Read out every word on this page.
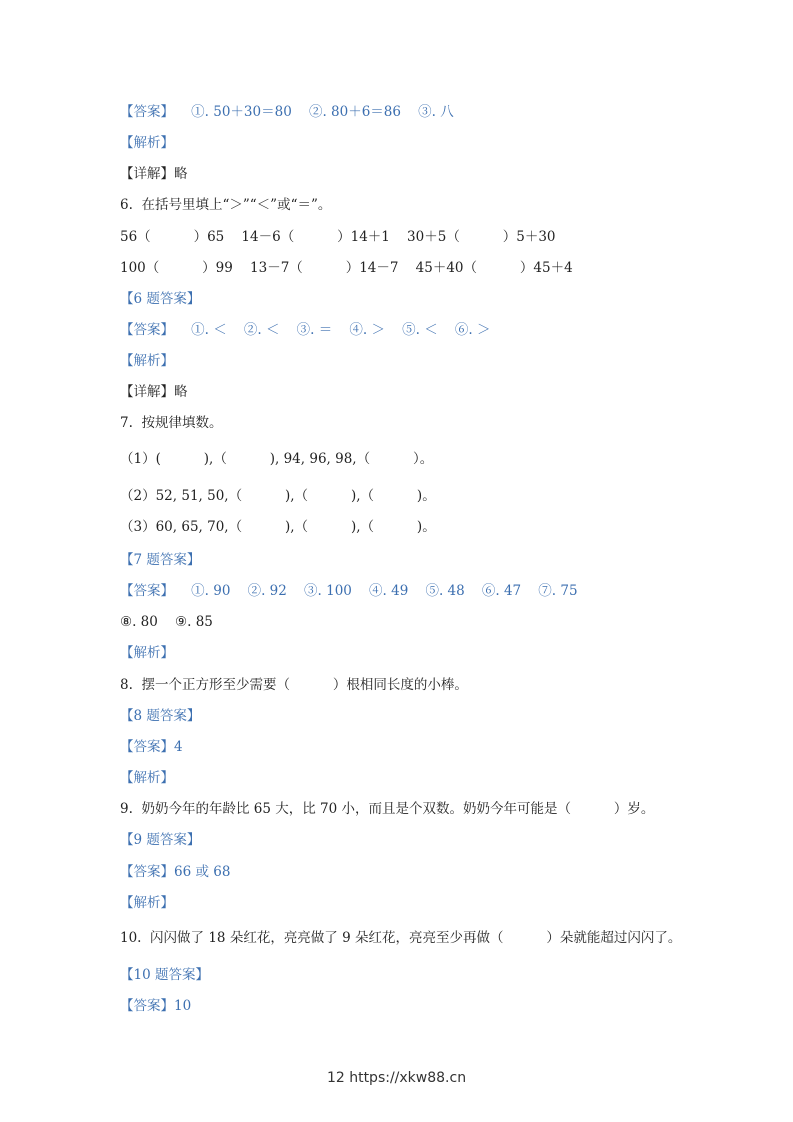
【答案】    ①. 50＋30＝80    ②. 80＋6＝86    ③. 八
【解析】
【详解】略
6.  在括号里填上“＞”“＜”或“＝”。
56（          ）65    14－6（          ）14＋1    30＋5（          ）5＋30
100（          ）99    13－7（          ）14－7    45＋40（          ）45＋4
【6 题答案】
【答案】    ①. ＜    ②. ＜    ③. ＝    ④. ＞    ⑤. ＜    ⑥. ＞
【解析】
【详解】略
7.  按规律填数。
（1）(          ),（          ), 94, 96, 98,（          ）。
（2）52, 51, 50,（          ),（          ),（          )。
（3）60, 65, 70,（          ),（          ),（          )。
【7 题答案】
【答案】    ①. 90    ②. 92    ③. 100    ④. 49    ⑤. 48    ⑥. 47    ⑦. 75
⑧. 80    ⑨. 85
【解析】
8.  摆一个正方形至少需要（          ）根相同长度的小棒。
【8 题答案】
【答案】4
【解析】
9.  奶奶今年的年龄比 65 大，比 70 小，而且是个双数。奶奶今年可能是（          ）岁。
【9 题答案】
【答案】66 或 68
【解析】
10.  闪闪做了 18 朵红花，亮亮做了 9 朵红花，亮亮至少再做（          ）朵就能超过闪闪了。
【10 题答案】
【答案】10
12 https://xkw88.cn
